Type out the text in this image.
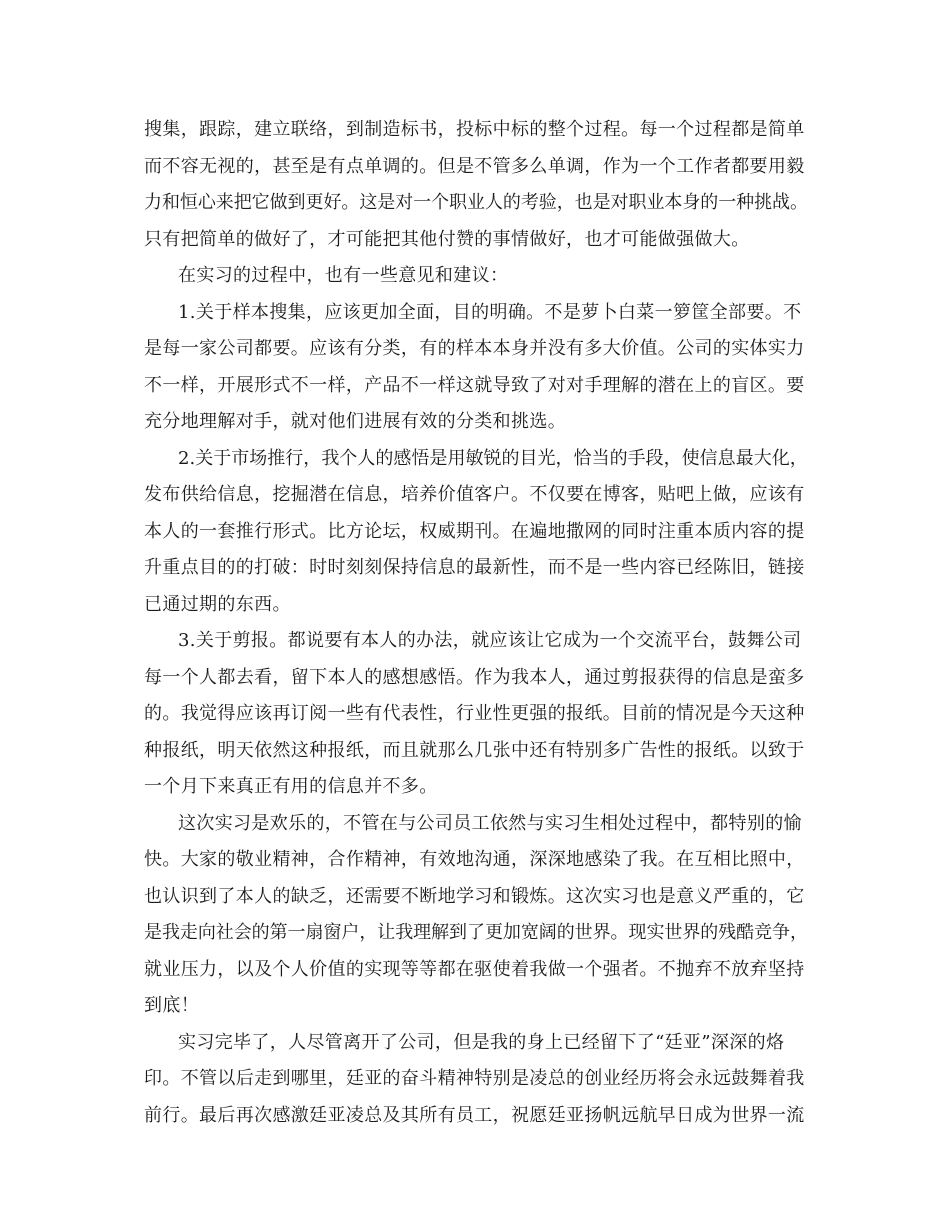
搜集，跟踪，建立联络，到制造标书，投标中标的整个过程。每一个过程都是简单
而不容无视的，甚至是有点单调的。但是不管多么单调，作为一个工作者都要用毅
力和恒心来把它做到更好。这是对一个职业人的考验，也是对职业本身的一种挑战。
只有把简单的做好了，才可能把其他付赞的事情做好，也才可能做强做大。
在实习的过程中，也有一些意见和建议：
1.关于样本搜集，应该更加全面，目的明确。不是萝卜白菜一箩筐全部要。不
是每一家公司都要。应该有分类，有的样本本身并没有多大价值。公司的实体实力
不一样，开展形式不一样，产品不一样这就导致了对对手理解的潜在上的盲区。要
充分地理解对手，就对他们进展有效的分类和挑选。
2.关于市场推行，我个人的感悟是用敏锐的目光，恰当的手段，使信息最大化，
发布供给信息，挖掘潜在信息，培养价值客户。不仅要在博客，贴吧上做，应该有
本人的一套推行形式。比方论坛，权威期刊。在遍地撒网的同时注重本质内容的提
升重点目的的打破：时时刻刻保持信息的最新性，而不是一些内容已经陈旧，链接
已通过期的东西。
3.关于剪报。都说要有本人的办法，就应该让它成为一个交流平台，鼓舞公司
每一个人都去看，留下本人的感想感悟。作为我本人，通过剪报获得的信息是蛮多
的。我觉得应该再订阅一些有代表性，行业性更强的报纸。目前的情况是今天这种
种报纸，明天依然这种报纸，而且就那么几张中还有特别多广告性的报纸。以致于
一个月下来真正有用的信息并不多。
这次实习是欢乐的，不管在与公司员工依然与实习生相处过程中，都特别的愉
快。大家的敬业精神，合作精神，有效地沟通，深深地感染了我。在互相比照中，
也认识到了本人的缺乏，还需要不断地学习和锻炼。这次实习也是意义严重的，它
是我走向社会的第一扇窗户，让我理解到了更加宽阔的世界。现实世界的残酷竞争，
就业压力，以及个人价值的实现等等都在驱使着我做一个强者。不抛弃不放弃坚持
到底！
实习完毕了，人尽管离开了公司，但是我的身上已经留下了“廷亚”深深的烙
印。不管以后走到哪里，廷亚的奋斗精神特别是凌总的创业经历将会永远鼓舞着我
前行。最后再次感激廷亚凌总及其所有员工，祝愿廷亚扬帆远航早日成为世界一流
